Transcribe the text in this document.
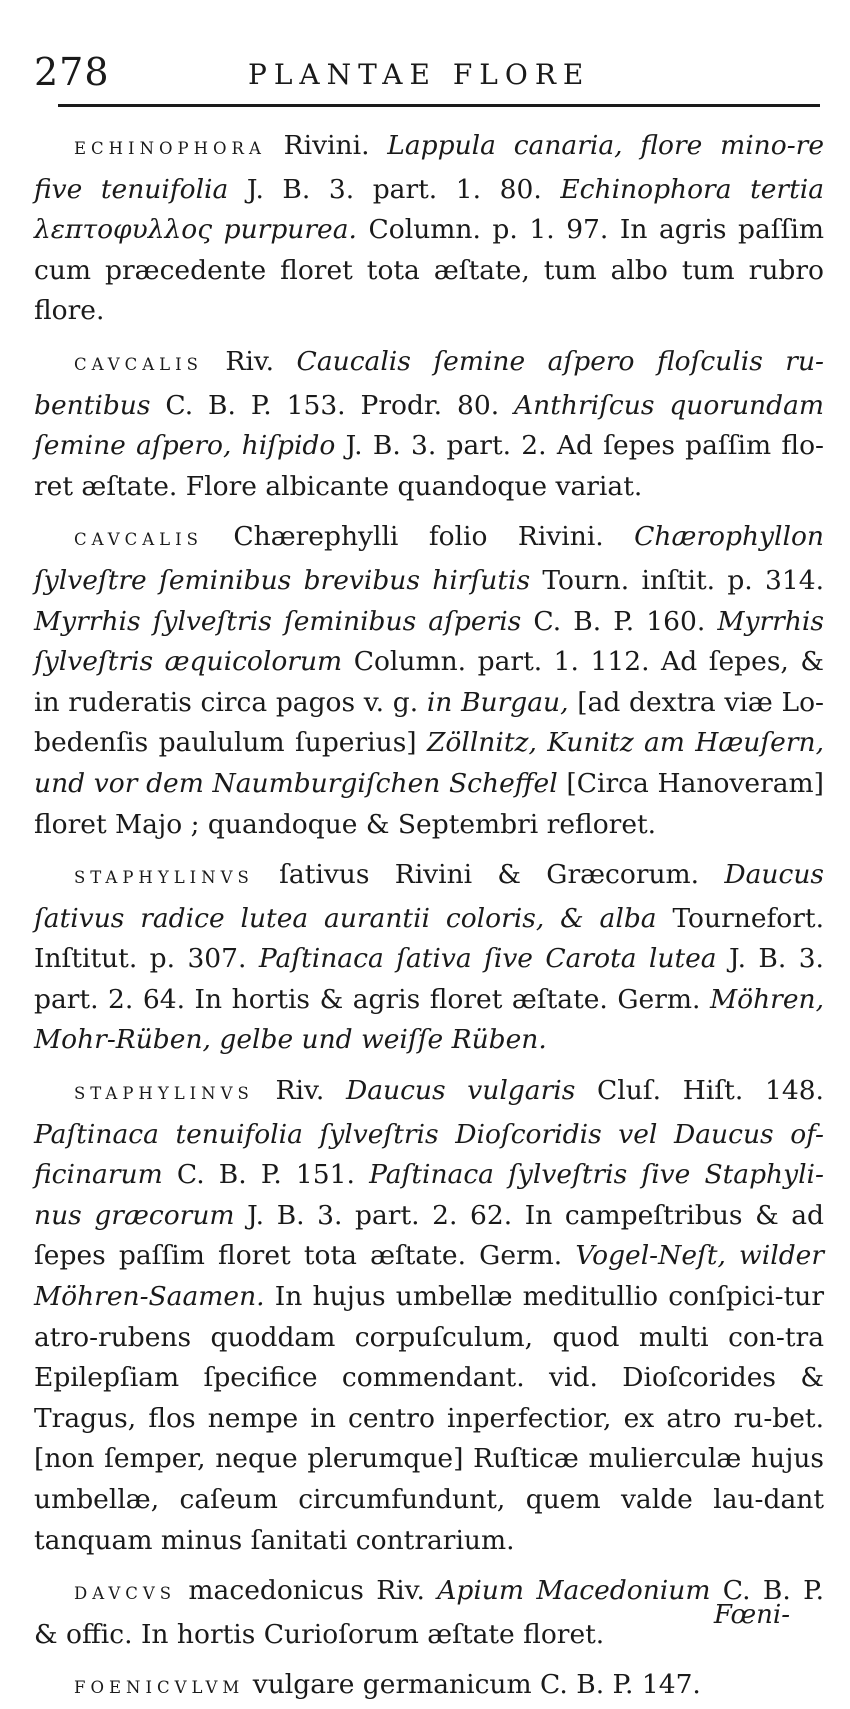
278	PLANTAE FLORE

ECHINOPHORA Rivini. Lappula canaria, flore mino-re five tenuifolia J. B. 3. part. 1. 80. Echinophora tertia λεπτοφυλλος purpurea. Column. p. 1. 97. In agris paſſim cum præcedente floret tota æſtate, tum albo tum rubro flore.

CAVCALIS Riv. Caucalis ſemine aſpero floſculis ru-bentibus C. B. P. 153. Prodr. 80. Anthriſcus quorundam ſemine aſpero, hiſpido J. B. 3. part. 2. Ad ſepes paſſim flo-ret æſtate. Flore albicante quandoque variat.

CAVCALIS Chærephylli folio Rivini. Chærophyllon ſylveſtre ſeminibus brevibus hirſutis Tourn. inſtit. p. 314. Myrrhis ſylveſtris ſeminibus aſperis C. B. P. 160. Myrrhis ſylveſtris æquicolorum Column. part. 1. 112. Ad ſepes, & in ruderatis circa pagos v. g. in Burgau, [ad dextra viæ Lo-bedenſis paululum ſuperius] Zöllnitz, Kunitz am Hæuſern, und vor dem Naumburgiſchen Scheffel [Circa Hanoveram] floret Majo ; quandoque & Septembri refloret.

STAPHYLINVS ſativus Rivini & Græcorum. Daucus ſativus radice lutea aurantii coloris, & alba Tournefort. Inſtitut. p. 307. Paſtinaca ſativa ſive Carota lutea J. B. 3. part. 2. 64. In hortis & agris floret æſtate. Germ. Möhren, Mohr-Rüben, gelbe und weiſſe Rüben.

STAPHYLINVS Riv. Daucus vulgaris Cluſ. Hiſt. 148. Paſtinaca tenuifolia ſylveſtris Dioſcoridis vel Daucus of-ficinarum C. B. P. 151. Paſtinaca ſylveſtris ſive Staphyli-nus græcorum J. B. 3. part. 2. 62. In campeſtribus & ad ſepes paſſim floret tota æſtate. Germ. Vogel-Neſt, wilder Möhren-Saamen. In hujus umbellæ meditullio conſpici-tur atro-rubens quoddam corpuſculum, quod multi con-tra Epilepſiam ſpecifice commendant. vid. Dioſcorides & Tragus, flos nempe in centro inperfectior, ex atro ru-bet. [non ſemper, neque plerumque] Ruſticæ mulierculæ hujus umbellæ, caſeum circumfundunt, quem valde lau-dant tanquam minus ſanitati contrarium.

DAVCVS macedonicus Riv. Apium Macedonium C. B. P. & offic. In hortis Curioſorum æſtate floret.

FOENICVLVM vulgare germanicum C. B. P. 147.

Fœni-
